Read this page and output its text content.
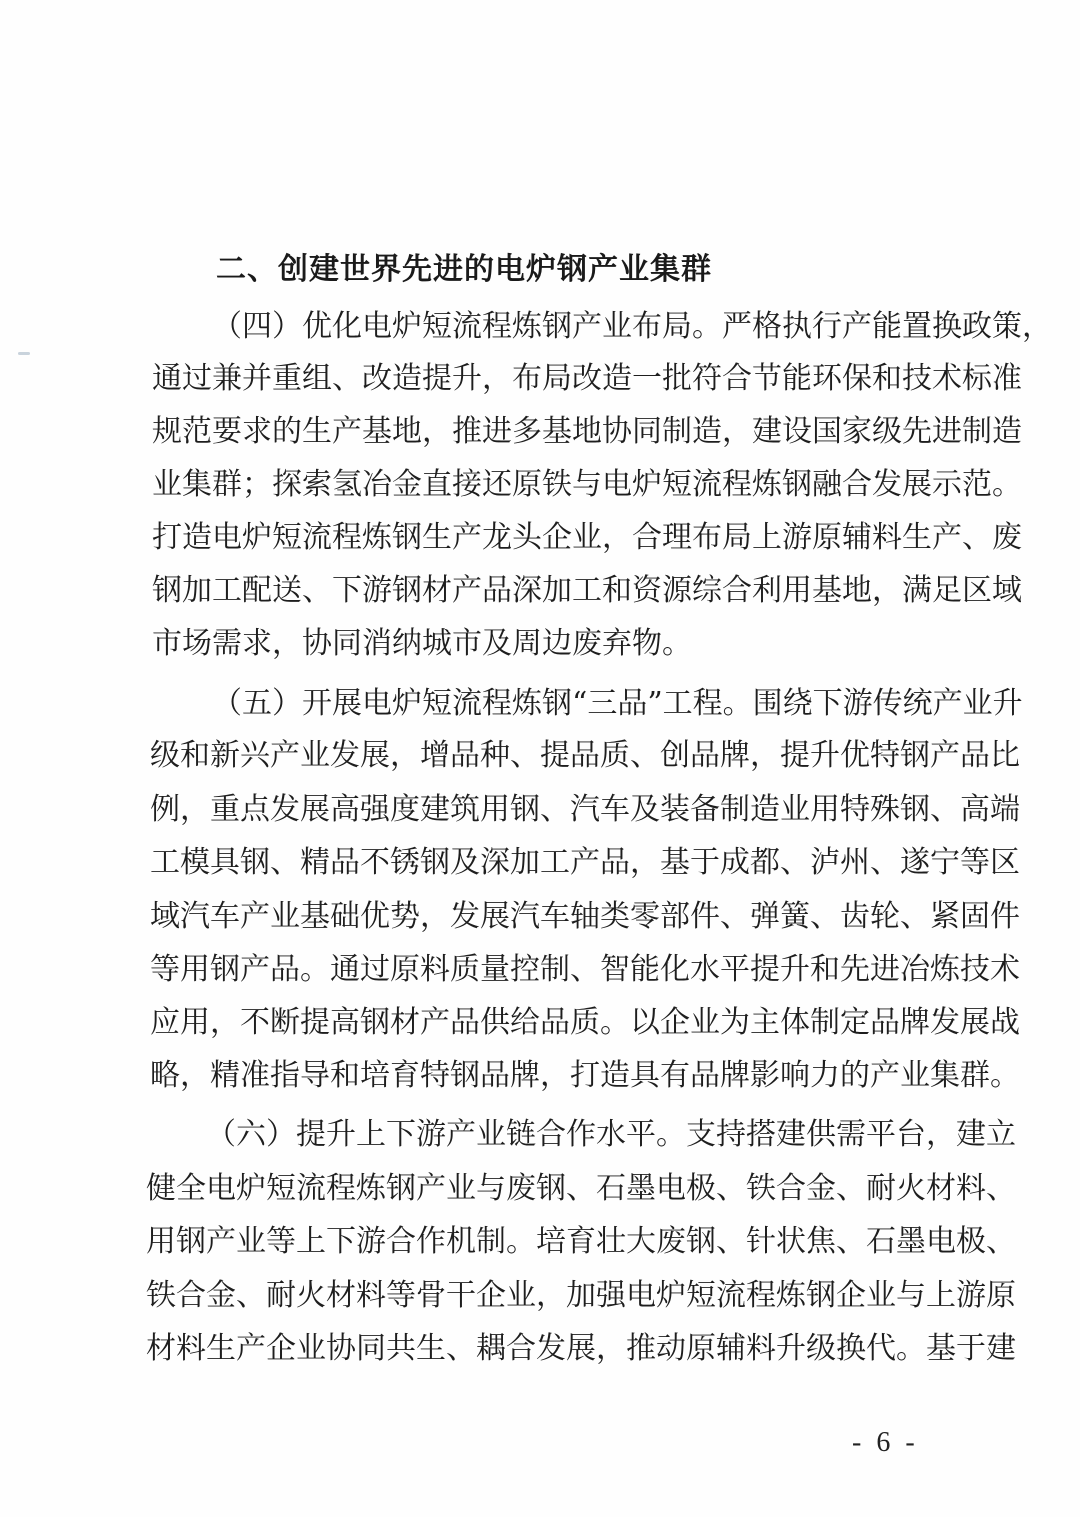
二、创建世界先进的电炉钢产业集群
（四）优化电炉短流程炼钢产业布局。严格执行产能置换政策，
通过兼并重组、改造提升，布局改造一批符合节能环保和技术标准
规范要求的生产基地，推进多基地协同制造，建设国家级先进制造
业集群；探索氢冶金直接还原铁与电炉短流程炼钢融合发展示范。
打造电炉短流程炼钢生产龙头企业，合理布局上游原辅料生产、废
钢加工配送、下游钢材产品深加工和资源综合利用基地，满足区域
市场需求，协同消纳城市及周边废弃物。
（五）开展电炉短流程炼钢“三品”工程。围绕下游传统产业升
级和新兴产业发展，增品种、提品质、创品牌，提升优特钢产品比
例，重点发展高强度建筑用钢、汽车及装备制造业用特殊钢、高端
工模具钢、精品不锈钢及深加工产品，基于成都、泸州、遂宁等区
域汽车产业基础优势，发展汽车轴类零部件、弹簧、齿轮、紧固件
等用钢产品。通过原料质量控制、智能化水平提升和先进冶炼技术
应用，不断提高钢材产品供给品质。以企业为主体制定品牌发展战
略，精准指导和培育特钢品牌，打造具有品牌影响力的产业集群。
（六）提升上下游产业链合作水平。支持搭建供需平台，建立
健全电炉短流程炼钢产业与废钢、石墨电极、铁合金、耐火材料、
用钢产业等上下游合作机制。培育壮大废钢、针状焦、石墨电极、
铁合金、耐火材料等骨干企业，加强电炉短流程炼钢企业与上游原
材料生产企业协同共生、耦合发展，推动原辅料升级换代。基于建
- 6 -
